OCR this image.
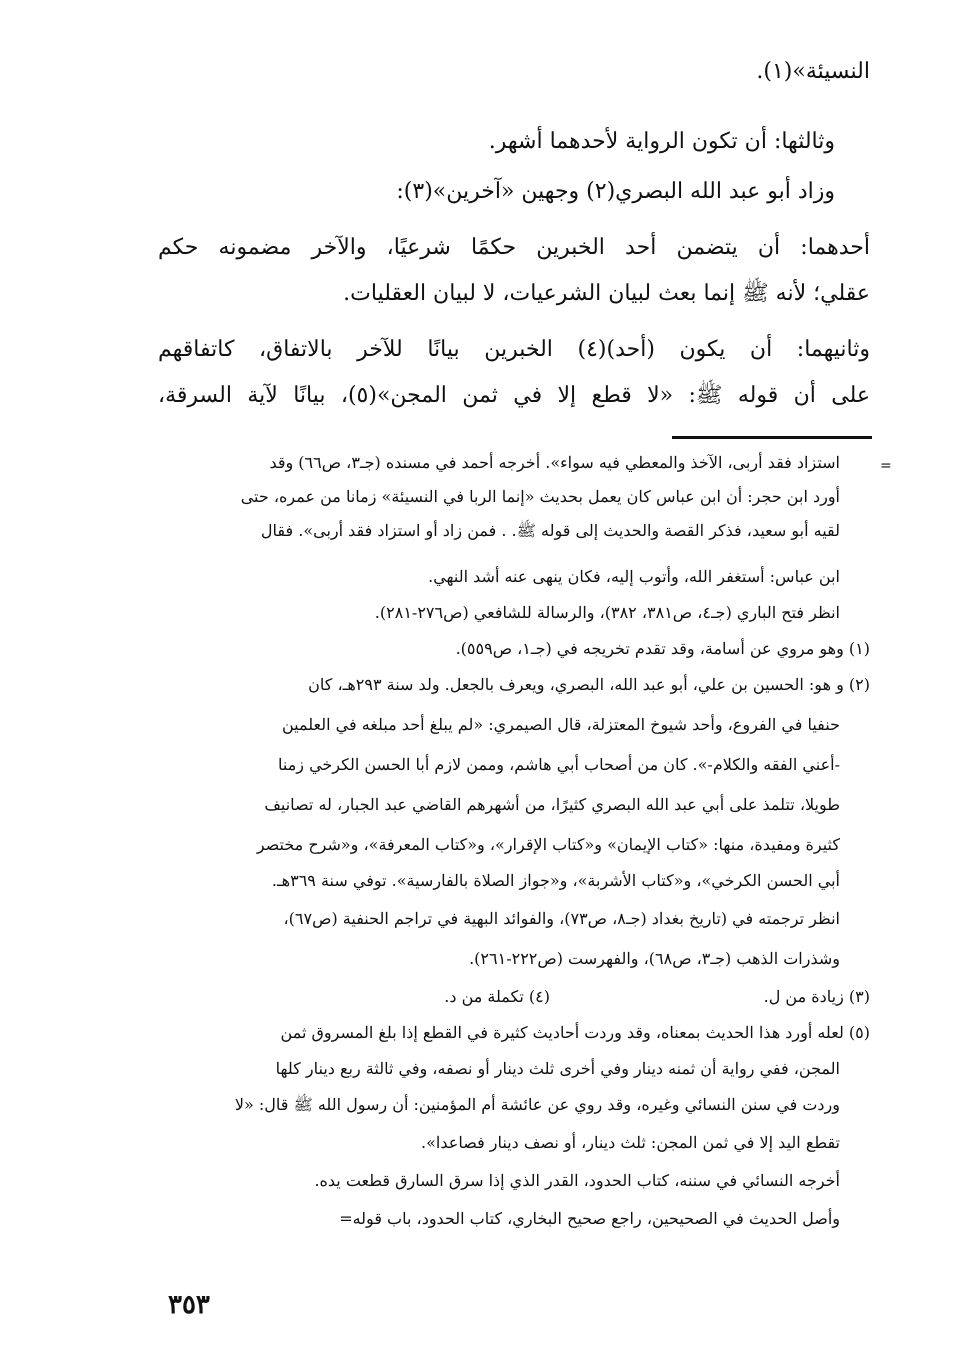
النسيئة»(١).
وثالثها: أن تكون الرواية لأحدهما أشهر.
وزاد أبو عبد الله البصري(٢) وجهين «آخرين»(٣):
أحدهما: أن يتضمن أحد الخبرين حكمًا شرعيًا، والآخر مضمونه حكم
عقلي؛ لأنه ﷺ إنما بعث لبيان الشرعيات، لا لبيان العقليات.
وثانيهما: أن يكون (أحد)(٤) الخبرين بيانًا للآخر بالاتفاق، كاتفاقهم
على أن قوله ﷺ: «لا قطع إلا في ثمن المجن»(٥)، بيانًا لآية السرقة،
=
استزاد فقد أربى، الآخذ والمعطي فيه سواء». أخرجه أحمد في مسنده (جـ٣، ص٦٦) وقد
أورد ابن حجر: أن ابن عباس كان يعمل بحديث «إنما الربا في النسيئة» زمانا من عمره، حتى
لقيه أبو سعيد، فذكر القصة والحديث إلى قوله ﷺ. . فمن زاد أو استزاد فقد أربى». فقال
ابن عباس: أستغفر الله، وأتوب إليه، فكان ينهى عنه أشد النهي.
انظر فتح الباري (جـ٤، ص٣٨١، ٣٨٢)، والرسالة للشافعي (ص٢٧٦-٢٨١).
(١) وهو مروي عن أسامة، وقد تقدم تخريجه في (جـ١، ص٥٥٩).
(٢) و هو: الحسين بن علي، أبو عبد الله، البصري، ويعرف بالجعل. ولد سنة ٢٩٣هـ، كان
حنفيا في الفروع، وأحد شيوخ المعتزلة، قال الصيمري: «لم يبلغ أحد مبلغه في العلمين
-أعني الفقه والكلام-». كان من أصحاب أبي هاشم، وممن لازم أبا الحسن الكرخي زمنا
طويلا، تتلمذ على أبي عبد الله البصري كثيرًا، من أشهرهم القاضي عبد الجبار، له تصانيف
كثيرة ومفيدة، منها: «كتاب الإيمان» و«كتاب الإقرار»، و«كتاب المعرفة»، و«شرح مختصر
أبي الحسن الكرخي»، و«كتاب الأشربة»، و«جواز الصلاة بالفارسية». توفي سنة ٣٦٩هـ.
انظر ترجمته في (تاريخ بغداد (جـ٨، ص٧٣)، والفوائد البهية في تراجم الحنفية (ص٦٧)،
وشذرات الذهب (جـ٣، ص٦٨)، والفهرست (ص٢٢٢-٢٦١).
(٣) زيادة من ل.
(٤) تكملة من د.
(٥) لعله أورد هذا الحديث بمعناه، وقد وردت أحاديث كثيرة في القطع إذا بلغ المسروق ثمن
المجن، ففي رواية أن ثمنه دينار وفي أخرى ثلث دينار أو نصفه، وفي ثالثة ربع دينار كلها
وردت في سنن النسائي وغيره، وقد روي عن عائشة أم المؤمنين: أن رسول الله ﷺ قال: «لا
تقطع اليد إلا في ثمن المجن: ثلث دينار، أو نصف دينار فصاعدا».
أخرجه النسائي في سننه، كتاب الحدود، القدر الذي إذا سرق السارق قطعت يده.
وأصل الحديث في الصحيحين، راجع صحيح البخاري، كتاب الحدود، باب قوله=
٣٥٣
